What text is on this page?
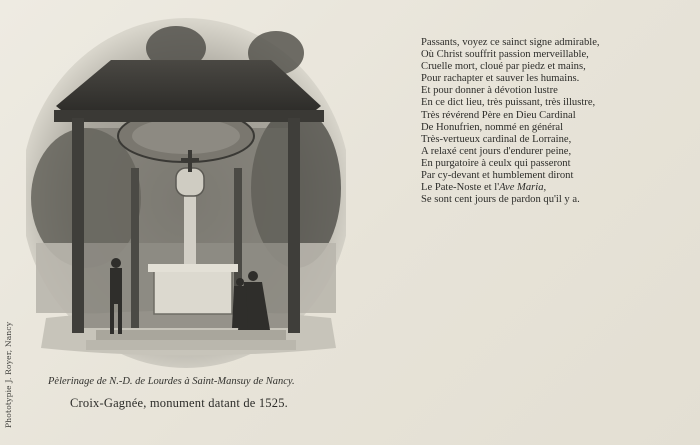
Phototypie J. Royer, Nancy	Pèlerinage de N.-D. de Lourdes à Saint-Mansuy de Nancy.
Croix-Gagnée, monument datant de 1525.
Passants, voyez ce sainct signe admirable,
Où Christ souffrit passion merveillable,
Cruelle mort, cloué par piedz et mains,
Pour rachapter et sauver les humains.
Et pour donner à dévotion lustre
En ce dict lieu, très puissant, très illustre,
Très révérend Père en Dieu Cardinal
De Honufrien, nommé en général
Très-vertueux cardinal de Lorraine,
A relaxé cent jours d'endurer peine,
En purgatoire à ceulx qui passeront
Par cy-devant et humblement diront
Le Pate-Noste et l'Ave Maria,
Se sont cent jours de pardon qu'il y a.
